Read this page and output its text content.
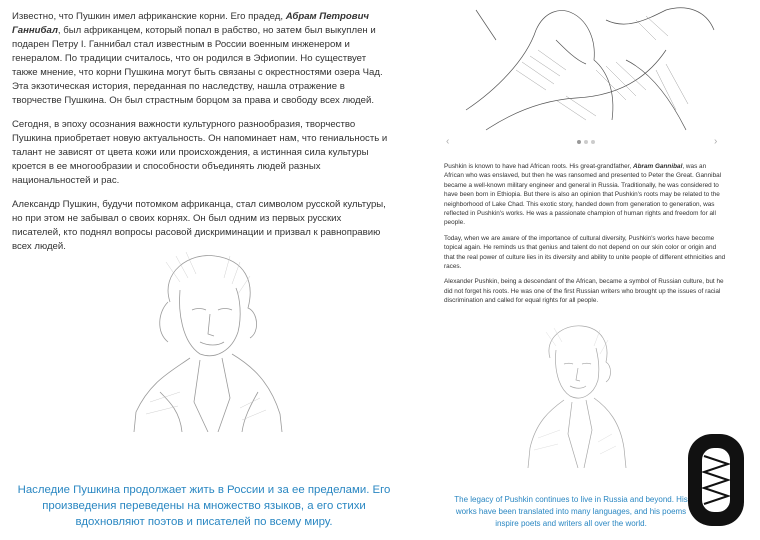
Известно, что Пушкин имел африканские корни. Его прадед, Абрам Петрович Ганнибал, был африканцем, который попал в рабство, но затем был выкуплен и подарен Петру I. Ганнибал стал известным в России военным инженером и генералом. По традиции считалось, что он родился в Эфиопии. Но существует также мнение, что корни Пушкина могут быть связаны с окрестностями озера Чад. Эта экзотическая история, переданная по наследству, нашла отражение в творчестве Пушкина. Он был страстным борцом за права и свободу всех людей.

Сегодня, в эпоху осознания важности культурного разнообразия, творчество Пушкина приобретает новую актуальность. Он напоминает нам, что гениальность и талант не зависят от цвета кожи или происхождения, а истинная сила культуры кроется в ее многообразии и способности объединять людей разных национальностей и рас.

Александр Пушкин, будучи потомком африканца, стал символом русской культуры, но при этом не забывал о своих корнях. Он был одним из первых русских писателей, кто поднял вопросы расовой дискриминации и призвал к равноправию всех людей.

Наследие Пушкина продолжает жить в России и за ее пределами. Его произведения переведены на множество языков, а его стихи вдохновляют поэтов и писателей по всему миру.
‹	›

Pushkin is known to have had African roots. His great-grandfather, Abram Gannibal, was an African who was enslaved, but then he was ransomed and presented to Peter the Great. Gannibal became a well-known military engineer and general in Russia. Traditionally, he was considered to have been born in Ethiopia. But there is also an opinion that Pushkin's roots may be related to the neighborhood of Lake Chad. This exotic story, handed down from generation to generation, was reflected in Pushkin's works. He was a passionate champion of human rights and freedom for all people.

Today, when we are aware of the importance of cultural diversity, Pushkin's works have become topical again. He reminds us that genius and talent do not depend on our skin color or origin and that the real power of culture lies in its diversity and ability to unite people of different ethnicities and races.

Alexander Pushkin, being a descendant of the African, became a symbol of Russian culture, but he did not forget his roots. He was one of the first Russian writers who brought up the issues of racial discrimination and called for equal rights for all people.

The legacy of Pushkin continues to live in Russia and beyond. His works have been translated into many languages, and his poems inspire poets and writers all over the world.
